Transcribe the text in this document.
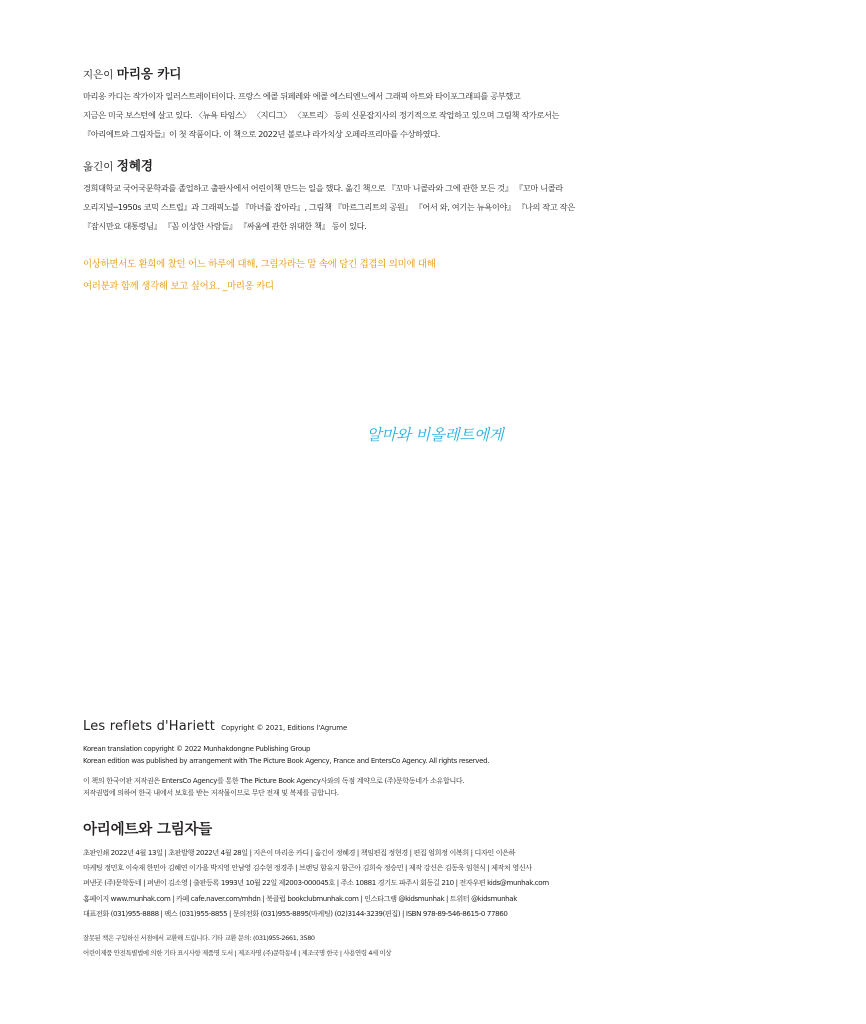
지은이 마리옹 카디

마리옹 카디는 작가이자 일러스트레이터이다. 프랑스 에콜 뒤페레와 에콜 에스티엔느에서 그래픽 아트와 타이포그래피를 공부했고

지금은 미국 보스턴에 살고 있다. 〈뉴욕 타임스〉 〈지디그〉 〈포트리〉 등의 신문잡지사의 정기적으로 작업하고 있으며 그림책 작가로서는

『아리에트와 그림자들』이 첫 작품이다. 이 책으로 2022년 볼로냐 라가치상 오페라프리마를 수상하였다.

옮긴이 정혜경

경희대학교 국어국문학과를 졸업하고 출판사에서 어린이책 만드는 일을 했다. 옮긴 책으로 『꼬마 니콜라와 그에 관한 모든 것』 『꼬마 니콜라

오리지널─1950s 코믹 스트립』과 그래픽노블 『마녀를 잡아라』, 그림책 『마르그리트의 공원』 『어서 와, 여기는 뉴욕이야』 『나의 작고 작은

『잠시만요 대통령님』 『꼼 이상한 사람들』 『싸움에 관한 위대한 책』 등이 있다.

이상하면서도 환희에 찼던 어느 하루에 대해, 그림자라는 말 속에 담긴 겹겹의 의미에 대해

여러분과 함께 생각해 보고 싶어요. _마리옹 카디

알마와 비올레트에게
Les reflets d'Hariett Copyright © 2021, Editions l'Agrume

Korean translation copyright © 2022 Munhakdongne Publishing Group

Korean edition was published by arrangement with The Picture Book Agency, France and EntersCo Agency. All rights reserved.

이 책의 한국어판 저작권은 EntersCo Agency를 통한 The Picture Book Agency사와의 독점 계약으로 (주)문학동네가 소유합니다.

저작권법에 의하여 한국 내에서 보호를 받는 저작물이므로 무단 전재 및 복제를 금합니다.

아리에트와 그림자들

초판인쇄 2022년 4월 13일 | 초판발행 2022년 4월 28일 | 지은이 마리옹 카디 | 옮긴이 정혜경 | 책임편집 정현경 | 편집 엄희정 이복희 | 디자인 이은하

마케팅 정민호 이숙재 한민아 김혜연 이가을 박지영 안남영 김수현 정경주 | 브랜딩 함유지 함근아 김희숙 정승민 | 제작 강신은 김동욱 임현식 | 제작처 영신사

펴낸곳 (주)문학동네 | 펴낸이 김소영 | 출판등록 1993년 10월 22일 제2003-000045호 | 주소 10881 경기도 파주시 회동길 210 | 전자우편 kids@munhak.com

홈페이지 www.munhak.com | 카페 cafe.naver.com/mhdn | 북클럽 bookclubmunhak.com | 인스타그램 @kidsmunhak | 트위터 @kidsmunhak

대표전화 (031)955-8888 | 팩스 (031)955-8855 | 문의전화 (031)955-8895(마케팅) (02)3144-3239(편집) | ISBN 978-89-546-8615-0 77860

잘못된 책은 구입하신 서점에서 교환해 드립니다. 기타 교환 문의: (031)955-2661, 3580

어린이제품 안전특별법에 의한 기타 표시사항 제품명 도서 | 제조자명 (주)문학동네 | 제조국명 한국 | 사용연령 4세 이상
